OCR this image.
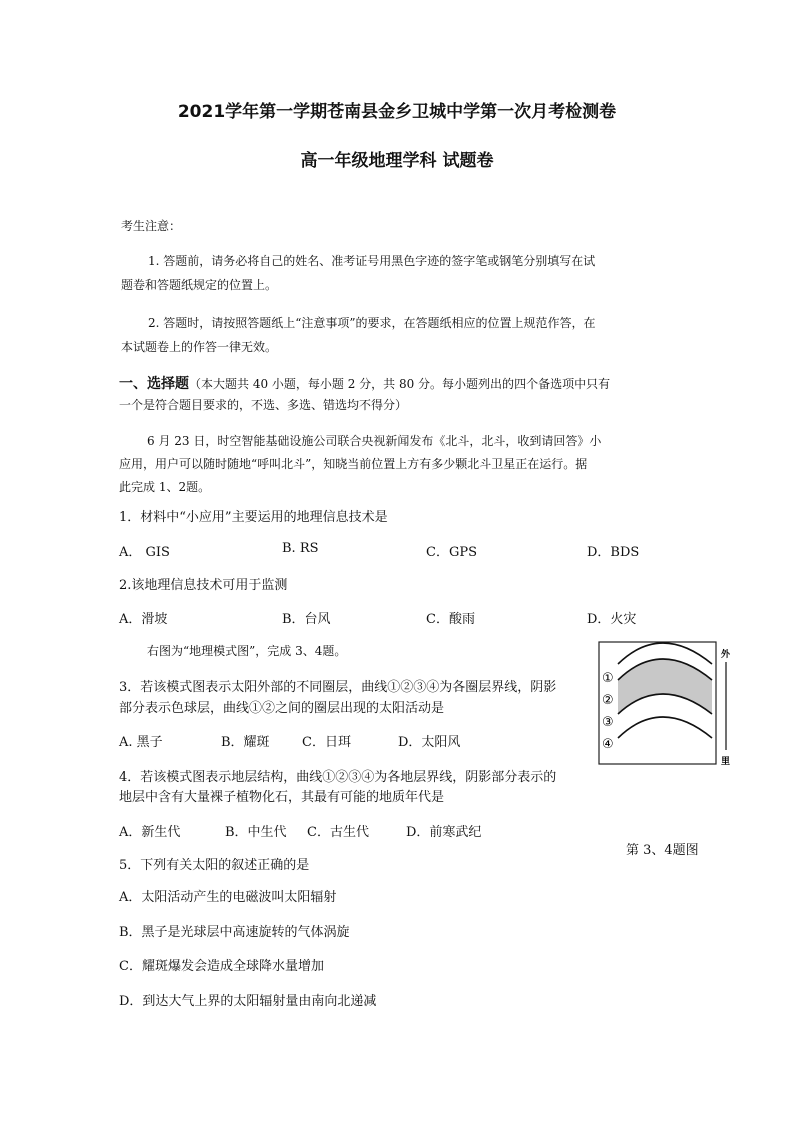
2021学年第一学期苍南县金乡卫城中学第一次月考检测卷
高一年级地理学科 试题卷
考生注意：
1. 答题前，请务必将自己的姓名、准考证号用黑色字迹的签字笔或钢笔分别填写在试
题卷和答题纸规定的位置上。
2. 答题时，请按照答题纸上“注意事项”的要求，在答题纸相应的位置上规范作答，在
本试题卷上的作答一律无效。
一、选择题（本大题共 40 小题，每小题 2 分，共 80 分。每小题列出的四个备选项中只有
一个是符合题目要求的，不选、多选、错选均不得分）
6 月 23 日，时空智能基础设施公司联合央视新闻发布《北斗，北斗，收到请回答》小
应用，用户可以随时随地“呼叫北斗”，知晓当前位置上方有多少颗北斗卫星正在运行。据
此完成 1、2题。
1．材料中“小应用”主要运用的地理信息技术是
A． GIS	B. RS	C．GPS	D．BDS
2.该地理信息技术可用于监测
A．滑坡	B．台风	C．酸雨	D．火灾
右图为“地理模式图”，完成 3、4题。
3．若该模式图表示太阳外部的不同圈层，曲线①②③④为各圈层界线，阴影
部分表示色球层，曲线①②之间的圈层出现的太阳活动是
A. 黑子	B．耀斑 C．日珥	D．太阳风
4．若该模式图表示地层结构，曲线①②③④为各地层界线，阴影部分表示的
地层中含有大量裸子植物化石，其最有可能的地质年代是
A．新生代	B．中生代 C．古生代	D．前寒武纪
①
②
③
④
外
里
第 3、4题图
5．下列有关太阳的叙述正确的是
A．太阳活动产生的电磁波叫太阳辐射
B．黑子是光球层中高速旋转的气体涡旋
C．耀斑爆发会造成全球降水量增加
D．到达大气上界的太阳辐射量由南向北递减
